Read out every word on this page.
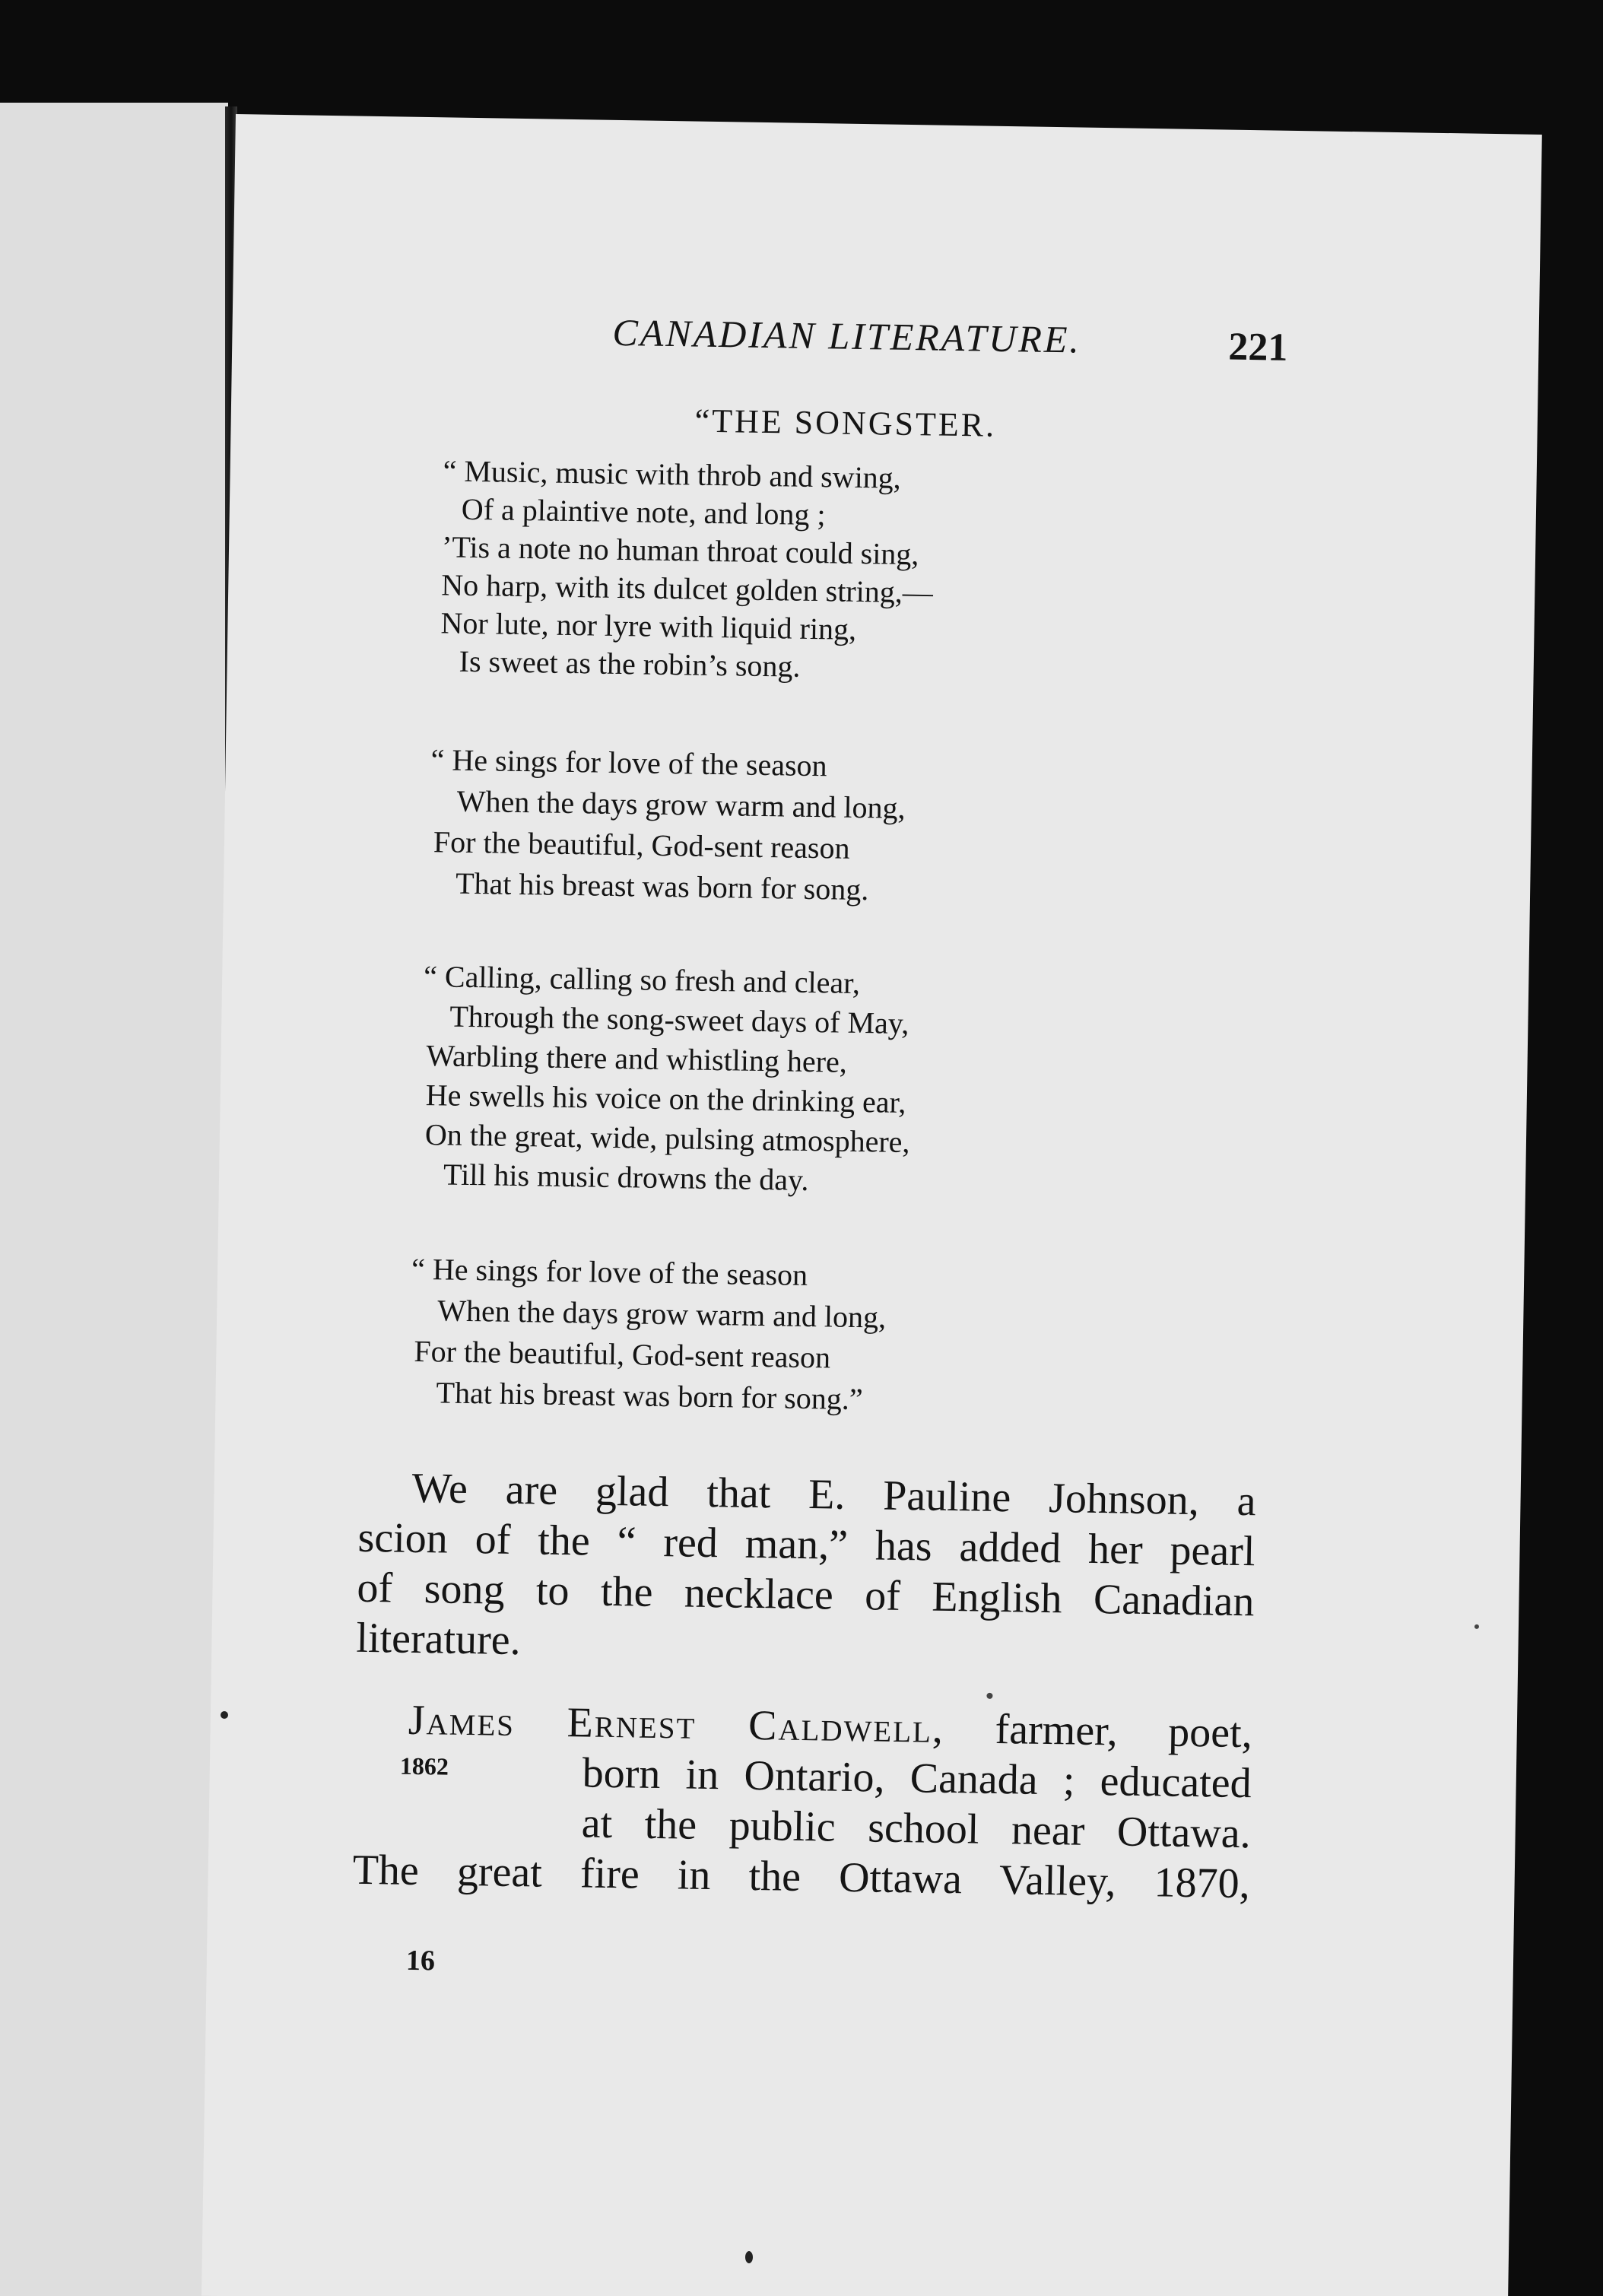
CANADIAN LITERATURE.	221
“THE SONGSTER.
“ Music, music with throb and swing,
Of a plaintive note, and long ;
’Tis a note no human throat could sing,
No harp, with its dulcet golden string,—
Nor lute, nor lyre with liquid ring,
Is sweet as the robin’s song.
“ He sings for love of the season
When the days grow warm and long,
For the beautiful, God-sent reason
That his breast was born for song.
“ Calling, calling so fresh and clear,
Through the song-sweet days of May,
Warbling there and whistling here,
He swells his voice on the drinking ear,
On the great, wide, pulsing atmosphere,
Till his music drowns the day.
“ He sings for love of the season
When the days grow warm and long,
For the beautiful, God-sent reason
That his breast was born for song.”
We are glad that E. Pauline Johnson, a
scion of the “ red man,” has added her pearl
of song to the necklace of English Canadian
literature.
James Ernest Caldwell, farmer, poet,
born in Ontario, Canada ; educated
at the public school near Ottawa.
The great fire in the Ottawa Valley, 1870,
1862
16
